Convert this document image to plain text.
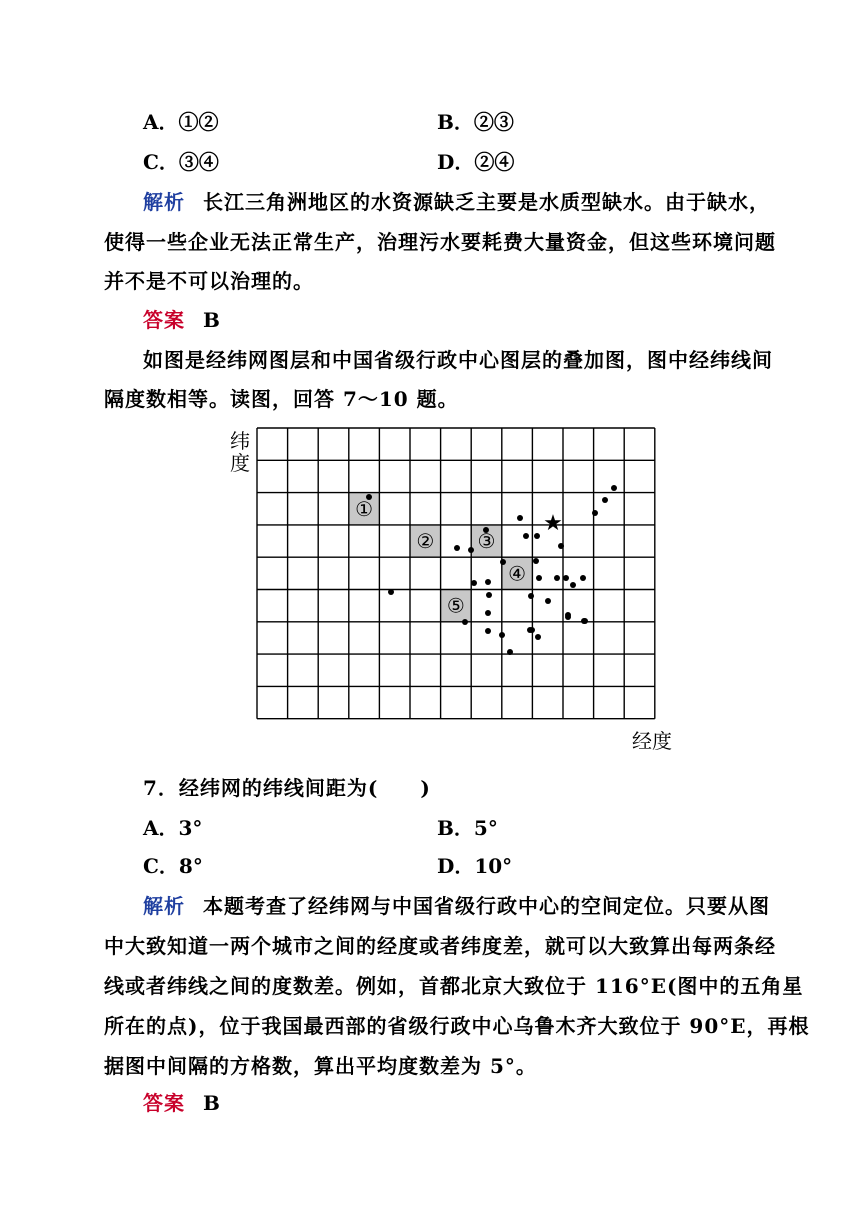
A．①②	B．②③
C．③④	D．②④
解析 长江三角洲地区的水资源缺乏主要是水质型缺水。由于缺水，
使得一些企业无法正常生产，治理污水要耗费大量资金，但这些环境问题
并不是不可以治理的。
答案 B
如图是经纬网图层和中国省级行政中心图层的叠加图，图中经纬线间
隔度数相等。读图，回答 7～10 题。
纬
度
经度
①
② ③
④
⑤
★
7．经纬网的纬线间距为(　　)
A．3°	B．5°
C．8°	D．10°
解析 本题考查了经纬网与中国省级行政中心的空间定位。只要从图
中大致知道一两个城市之间的经度或者纬度差，就可以大致算出每两条经
线或者纬线之间的度数差。例如，首都北京大致位于 116°E(图中的五角星
所在的点)，位于我国最西部的省级行政中心乌鲁木齐大致位于 90°E，再根
据图中间隔的方格数，算出平均度数差为 5°。
答案 B
